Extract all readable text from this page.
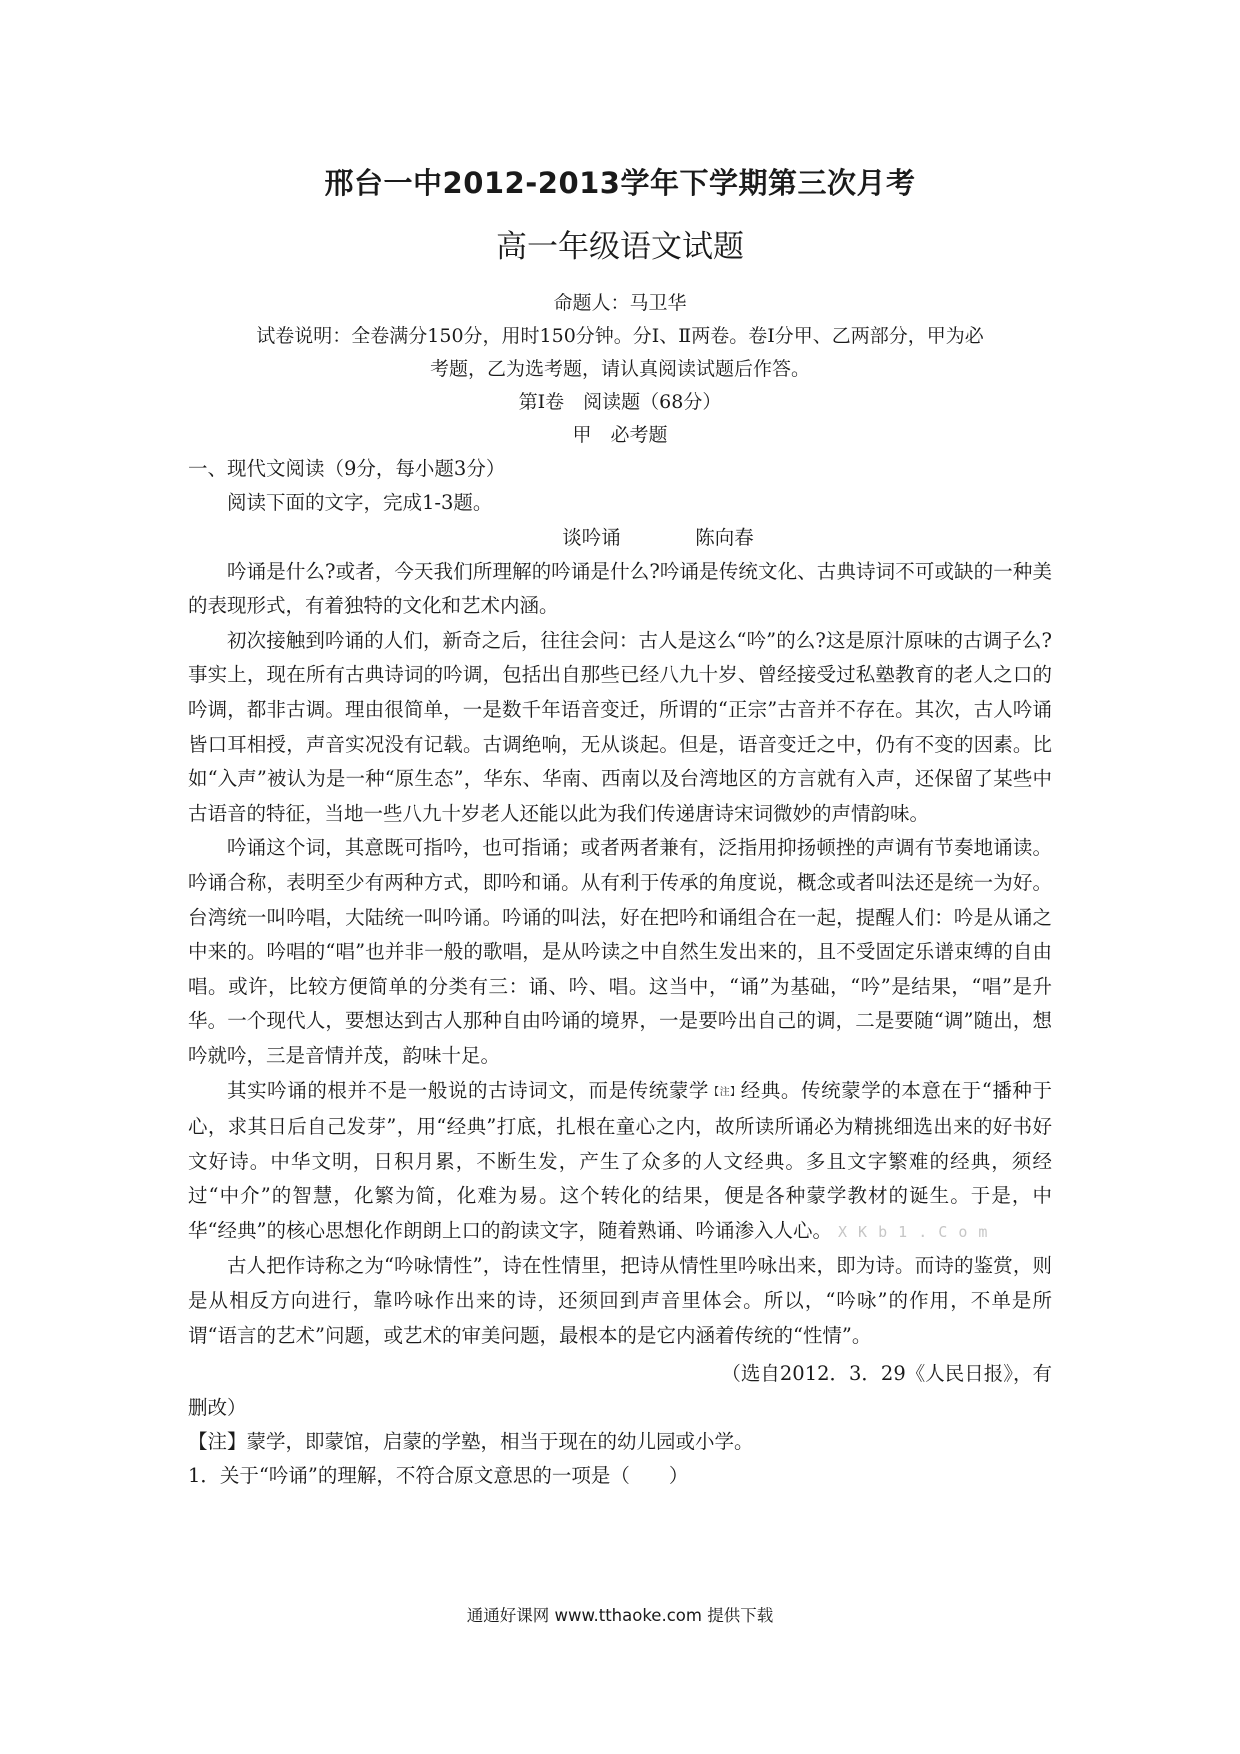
邢台一中2012-2013学年下学期第三次月考
高一年级语文试题
命题人：马卫华
试卷说明：全卷满分150分，用时150分钟。分Ⅰ、Ⅱ两卷。卷Ⅰ分甲、乙两部分，甲为必
考题，乙为选考题，请认真阅读试题后作答。
第Ⅰ卷　阅读题（68分）
甲　必考题
一、现代文阅读（9分，每小题3分）
阅读下面的文字，完成1-3题。
谈吟诵	陈向春

吟诵是什么?或者，今天我们所理解的吟诵是什么?吟诵是传统文化、古典诗词不可或缺的一种美的表现形式，有着独特的文化和艺术内涵。

初次接触到吟诵的人们，新奇之后，往往会问：古人是这么“吟”的么?这是原汁原味的古调子么?事实上，现在所有古典诗词的吟调，包括出自那些已经八九十岁、曾经接受过私塾教育的老人之口的吟调，都非古调。理由很简单，一是数千年语音变迁，所谓的“正宗”古音并不存在。其次，古人吟诵皆口耳相授，声音实况没有记载。古调绝响，无从谈起。但是，语音变迁之中，仍有不变的因素。比如“入声”被认为是一种“原生态”，华东、华南、西南以及台湾地区的方言就有入声，还保留了某些中古语音的特征，当地一些八九十岁老人还能以此为我们传递唐诗宋词微妙的声情韵味。

吟诵这个词，其意既可指吟，也可指诵；或者两者兼有，泛指用抑扬顿挫的声调有节奏地诵读。吟诵合称，表明至少有两种方式，即吟和诵。从有利于传承的角度说，概念或者叫法还是统一为好。台湾统一叫吟唱，大陆统一叫吟诵。吟诵的叫法，好在把吟和诵组合在一起，提醒人们：吟是从诵之中来的。吟唱的“唱”也并非一般的歌唱，是从吟读之中自然生发出来的，且不受固定乐谱束缚的自由唱。或许，比较方便简单的分类有三：诵、吟、唱。这当中，“诵”为基础，“吟”是结果，“唱”是升华。一个现代人，要想达到古人那种自由吟诵的境界，一是要吟出自己的调，二是要随“调”随出，想吟就吟，三是音情并茂，韵味十足。

其实吟诵的根并不是一般说的古诗词文，而是传统蒙学【注】经典。传统蒙学的本意在于“播种于心，求其日后自己发芽”，用“经典”打底，扎根在童心之内，故所读所诵必为精挑细选出来的好书好文好诗。中华文明，日积月累，不断生发，产生了众多的人文经典。多且文字繁难的经典，须经过“中介”的智慧，化繁为简，化难为易。这个转化的结果，便是各种蒙学教材的诞生。于是，中华“经典”的核心思想化作朗朗上口的韵读文字，随着熟诵、吟诵渗入人心。 X K b 1 . C o m

古人把作诗称之为“吟咏情性”，诗在性情里，把诗从情性里吟咏出来，即为诗。而诗的鉴赏，则是从相反方向进行，靠吟咏作出来的诗，还须回到声音里体会。所以，“吟咏”的作用，不单是所谓“语言的艺术”问题，或艺术的审美问题，最根本的是它内涵着传统的“性情”。

（选自2012．3．29《人民日报》，有
删改）
【注】蒙学，即蒙馆，启蒙的学塾，相当于现在的幼儿园或小学。
1．关于“吟诵”的理解，不符合原文意思的一项是（　　）
通通好课网 www.tthaoke.com 提供下载
